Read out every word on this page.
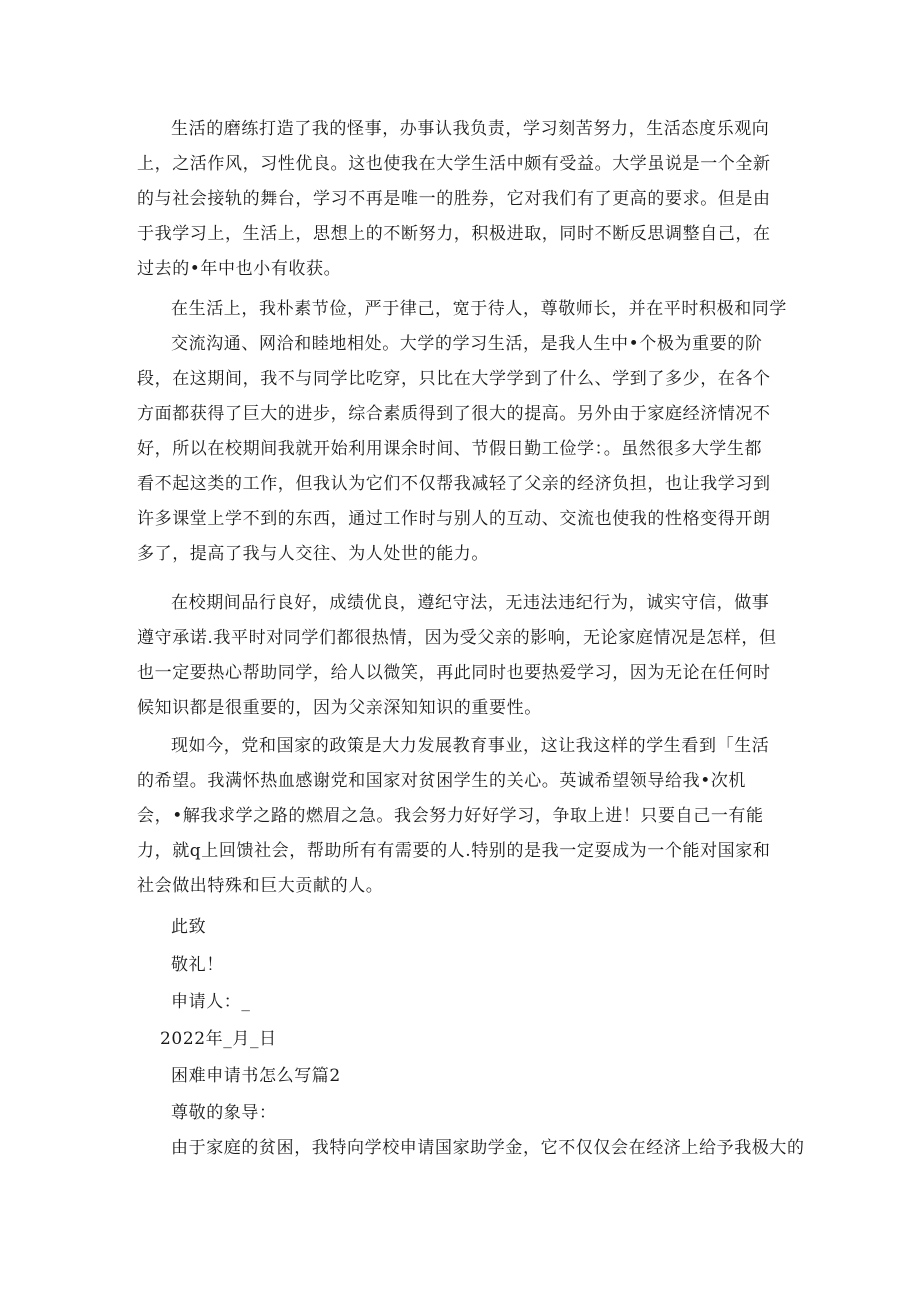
生活的磨练打造了我的怪事，办事认我负责，学习刻苦努力，生活态度乐观向上，之活作风，习性优良。这也使我在大学生活中颇有受益。大学虽说是一个全新的与社会接轨的舞台，学习不再是唯一的胜券，它对我们有了更高的要求。但是由于我学习上，生活上，思想上的不断努力，积极进取，同时不断反思调整自己，在过去的•年中也小有收获。

在生活上，我朴素节俭，严于律己，宽于待人，尊敬师长，并在平时积极和同学

交流沟通、网洽和睦地相处。大学的学习生活，是我人生中•个极为重要的阶段，在这期间，我不与同学比吃穿，只比在大学学到了什么、学到了多少，在各个方面都获得了巨大的进步，综合素质得到了很大的提高。另外由于家庭经济情况不好，所以在校期间我就开始利用课余时间、节假日勤工俭学：。虽然很多大学生都看不起这类的工作，但我认为它们不仅帮我减轻了父亲的经济负担，也让我学习到许多课堂上学不到的东西，通过工作时与别人的互动、交流也使我的性格变得开朗多了，提高了我与人交往、为人处世的能力。

在校期间品行良好，成绩优良，遵纪守法，无违法违纪行为，诚实守信，做事遵守承诺.我平时对同学们都很热情，因为受父亲的影响，无论家庭情况是怎样，但也一定要热心帮助同学，给人以微笑，再此同时也要热爱学习，因为无论在任何时候知识都是很重要的，因为父亲深知知识的重要性。

现如今，党和国家的政策是大力发展教育事业，这让我这样的学生看到「生活的希望。我满怀热血感谢党和国家对贫困学生的关心。英诚希望领导给我•次机会，•解我求学之路的燃眉之急。我会努力好好学习，争取上进！只要自己一有能力，就q上回馈社会，帮助所有有需要的人.特别的是我一定耍成为一个能对国家和社会做出特殊和巨大贡献的人。

此致

敬礼！

申请人：_

2022年_月_日

困难申请书怎么写篇2

尊敬的象导：

由于家庭的贫困，我特向学校申请国家助学金，它不仅仅会在经济上给予我极大的
